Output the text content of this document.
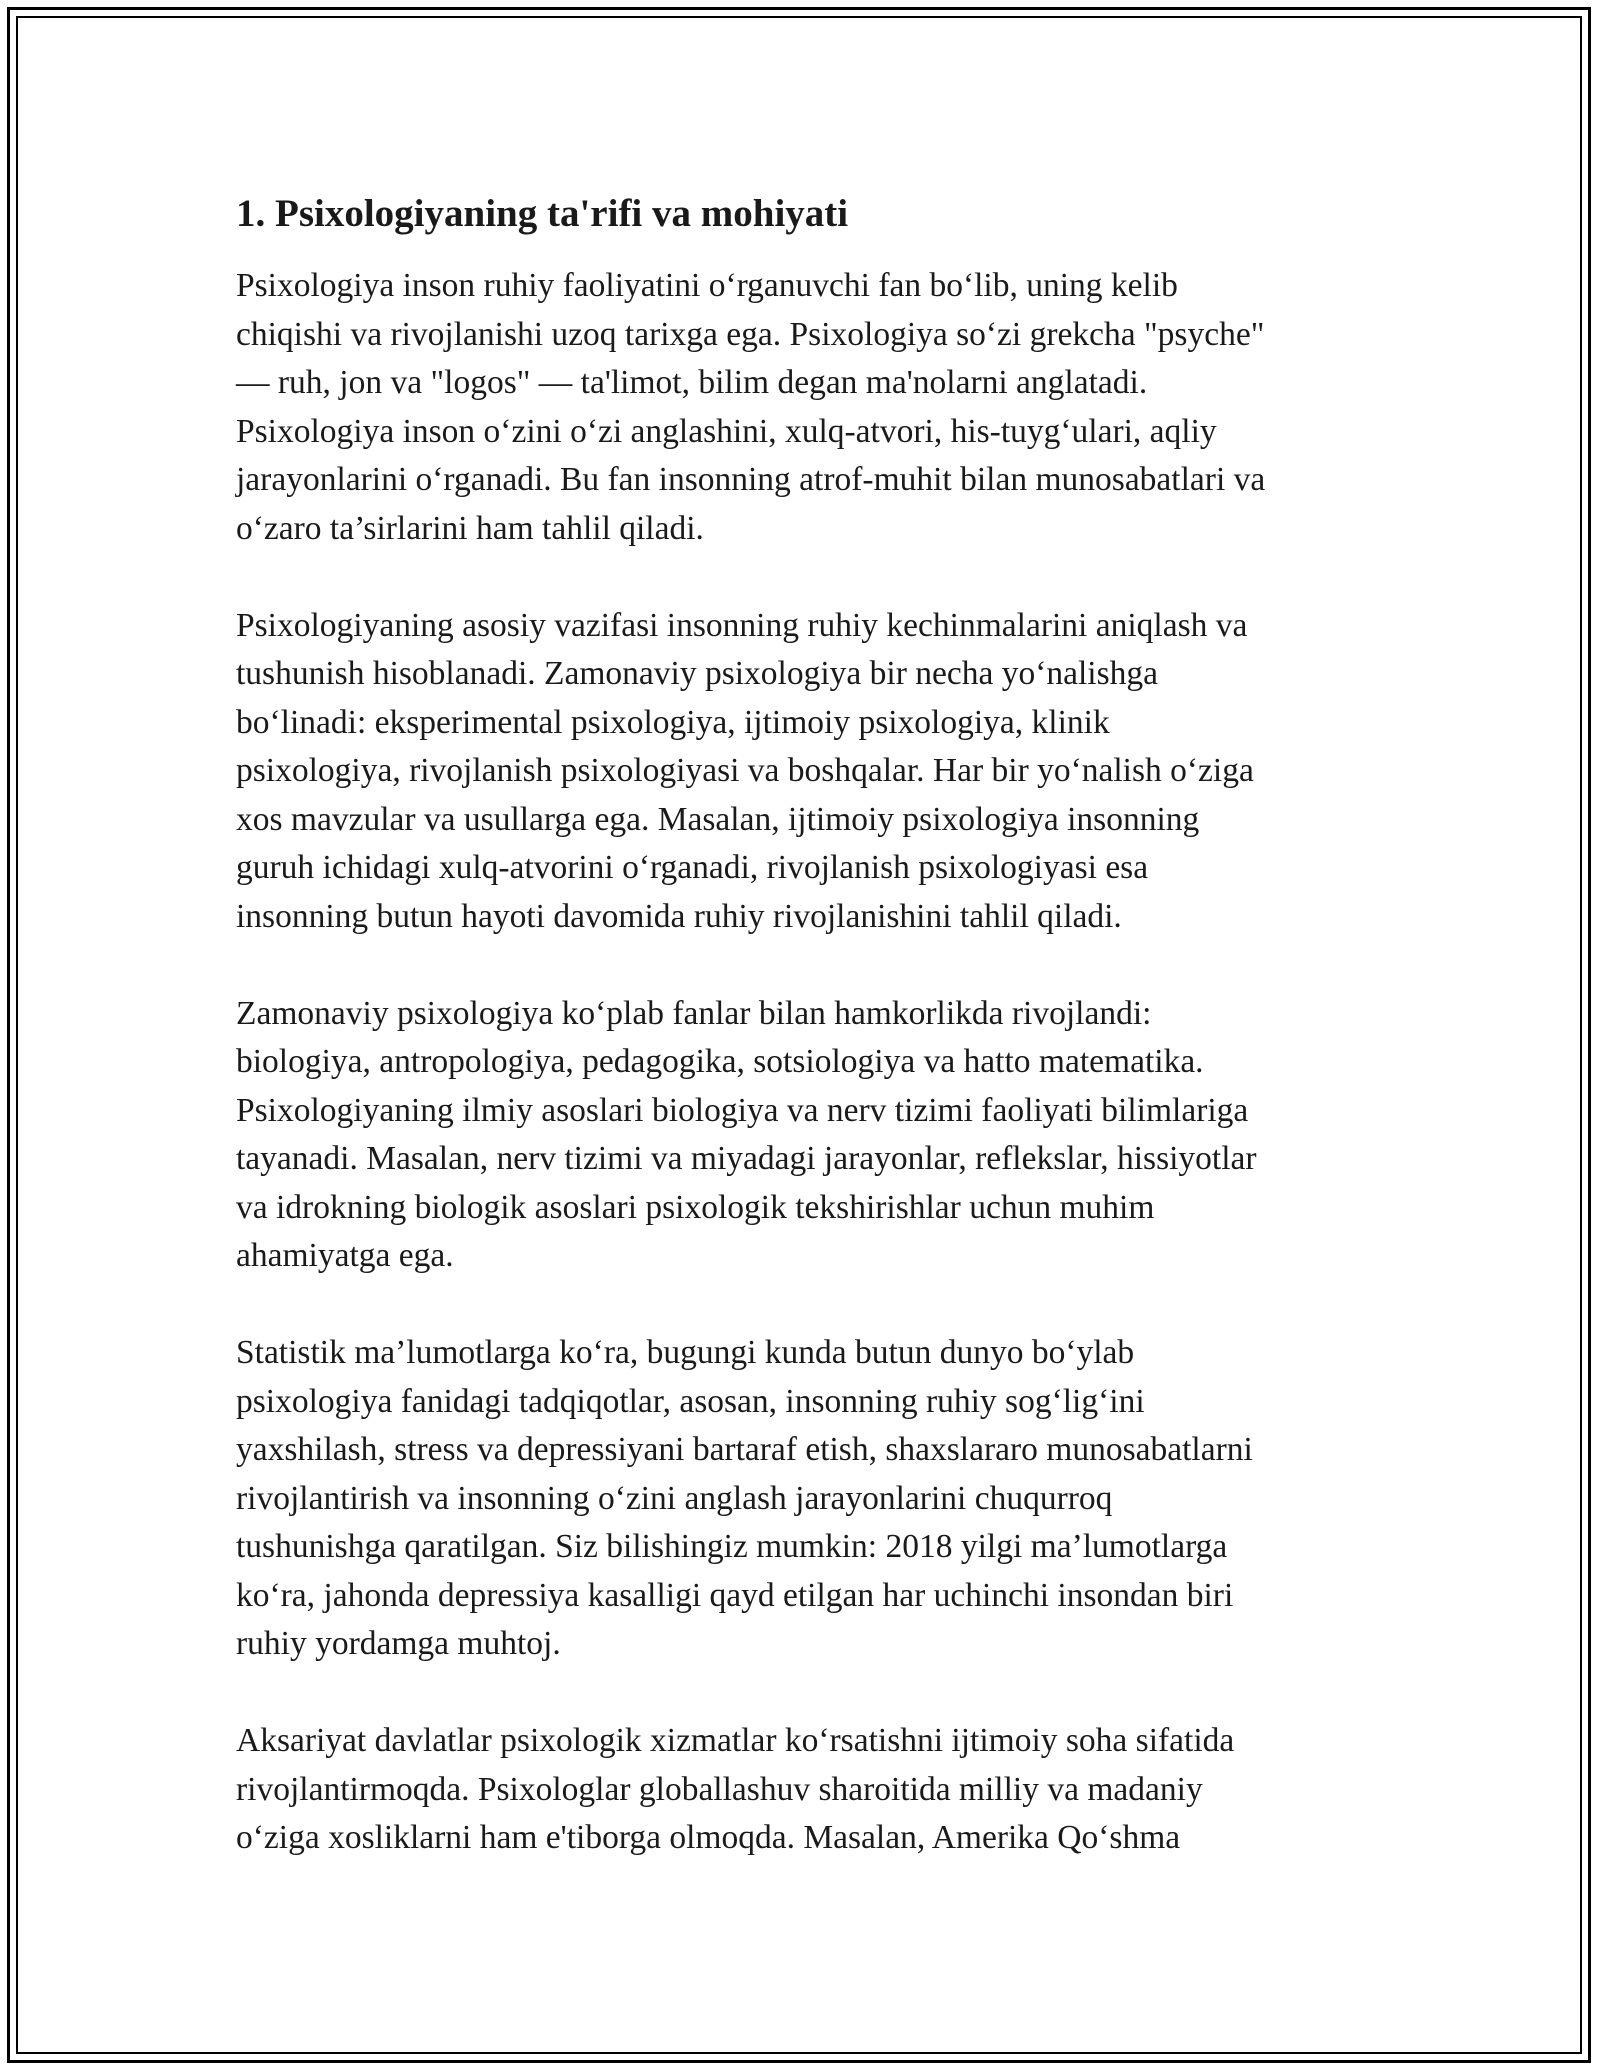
1. Psixologiyaning ta'rifi va mohiyati

Psixologiya inson ruhiy faoliyatini o‘rganuvchi fan bo‘lib, uning kelib
chiqishi va rivojlanishi uzoq tarixga ega. Psixologiya so‘zi grekcha "psyche"
— ruh, jon va "logos" — ta'limot, bilim degan ma'nolarni anglatadi.
Psixologiya inson o‘zini o‘zi anglashini, xulq-atvori, his-tuyg‘ulari, aqliy
jarayonlarini o‘rganadi. Bu fan insonning atrof-muhit bilan munosabatlari va
o‘zaro ta’sirlarini ham tahlil qiladi.

Psixologiyaning asosiy vazifasi insonning ruhiy kechinmalarini aniqlash va
tushunish hisoblanadi. Zamonaviy psixologiya bir necha yo‘nalishga
bo‘linadi: eksperimental psixologiya, ijtimoiy psixologiya, klinik
psixologiya, rivojlanish psixologiyasi va boshqalar. Har bir yo‘nalish o‘ziga
xos mavzular va usullarga ega. Masalan, ijtimoiy psixologiya insonning
guruh ichidagi xulq-atvorini o‘rganadi, rivojlanish psixologiyasi esa
insonning butun hayoti davomida ruhiy rivojlanishini tahlil qiladi.

Zamonaviy psixologiya ko‘plab fanlar bilan hamkorlikda rivojlandi:
biologiya, antropologiya, pedagogika, sotsiologiya va hatto matematika.
Psixologiyaning ilmiy asoslari biologiya va nerv tizimi faoliyati bilimlariga
tayanadi. Masalan, nerv tizimi va miyadagi jarayonlar, reflekslar, hissiyotlar
va idrokning biologik asoslari psixologik tekshirishlar uchun muhim
ahamiyatga ega.

Statistik ma’lumotlarga ko‘ra, bugungi kunda butun dunyo bo‘ylab
psixologiya fanidagi tadqiqotlar, asosan, insonning ruhiy sog‘lig‘ini
yaxshilash, stress va depressiyani bartaraf etish, shaxslararo munosabatlarni
rivojlantirish va insonning o‘zini anglash jarayonlarini chuqurroq
tushunishga qaratilgan. Siz bilishingiz mumkin: 2018 yilgi ma’lumotlarga
ko‘ra, jahonda depressiya kasalligi qayd etilgan har uchinchi insondan biri
ruhiy yordamga muhtoj.

Aksariyat davlatlar psixologik xizmatlar ko‘rsatishni ijtimoiy soha sifatida
rivojlantirmoqda. Psixologlar globallashuv sharoitida milliy va madaniy
o‘ziga xosliklarni ham e'tiborga olmoqda. Masalan, Amerika Qo‘shma
